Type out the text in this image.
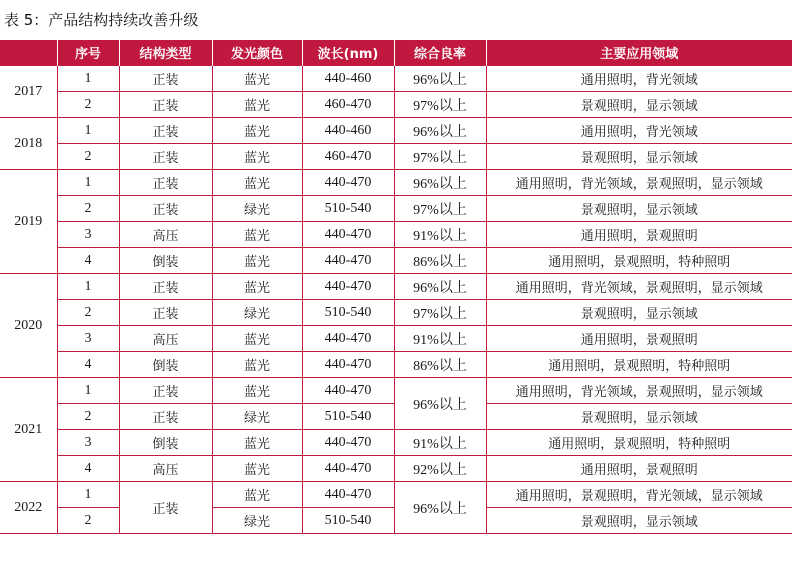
表 5：产品结构持续改善升级
	序号	结构类型	发光颜色	波长(nm)	综合良率	主要应用领域
2017	1	正装	蓝光	440-460	96%以上	通用照明，背光领域
	2	正装	蓝光	460-470	97%以上	景观照明，显示领域
2018	1	正装	蓝光	440-460	96%以上	通用照明，背光领域
	2	正装	蓝光	460-470	97%以上	景观照明，显示领域
2019	1	正装	蓝光	440-470	96%以上	通用照明，背光领域，景观照明，显示领域
	2	正装	绿光	510-540	97%以上	景观照明，显示领域
	3	高压	蓝光	440-470	91%以上	通用照明，景观照明
	4	倒装	蓝光	440-470	86%以上	通用照明，景观照明，特种照明
2020	1	正装	蓝光	440-470	96%以上	通用照明，背光领域，景观照明，显示领域
	2	正装	绿光	510-540	97%以上	景观照明，显示领域
	3	高压	蓝光	440-470	91%以上	通用照明，景观照明
	4	倒装	蓝光	440-470	86%以上	通用照明，景观照明，特种照明
2021	1	正装	蓝光	440-470	96%以上	通用照明，背光领域，景观照明，显示领域
	2	正装	绿光	510-540		景观照明，显示领域
	3	倒装	蓝光	440-470	91%以上	通用照明，景观照明，特种照明
	4	高压	蓝光	440-470	92%以上	通用照明，景观照明
2022	1	正装	蓝光	440-470	96%以上	通用照明，景观照明，背光领域，显示领域
	2		绿光	510-540		景观照明，显示领域
